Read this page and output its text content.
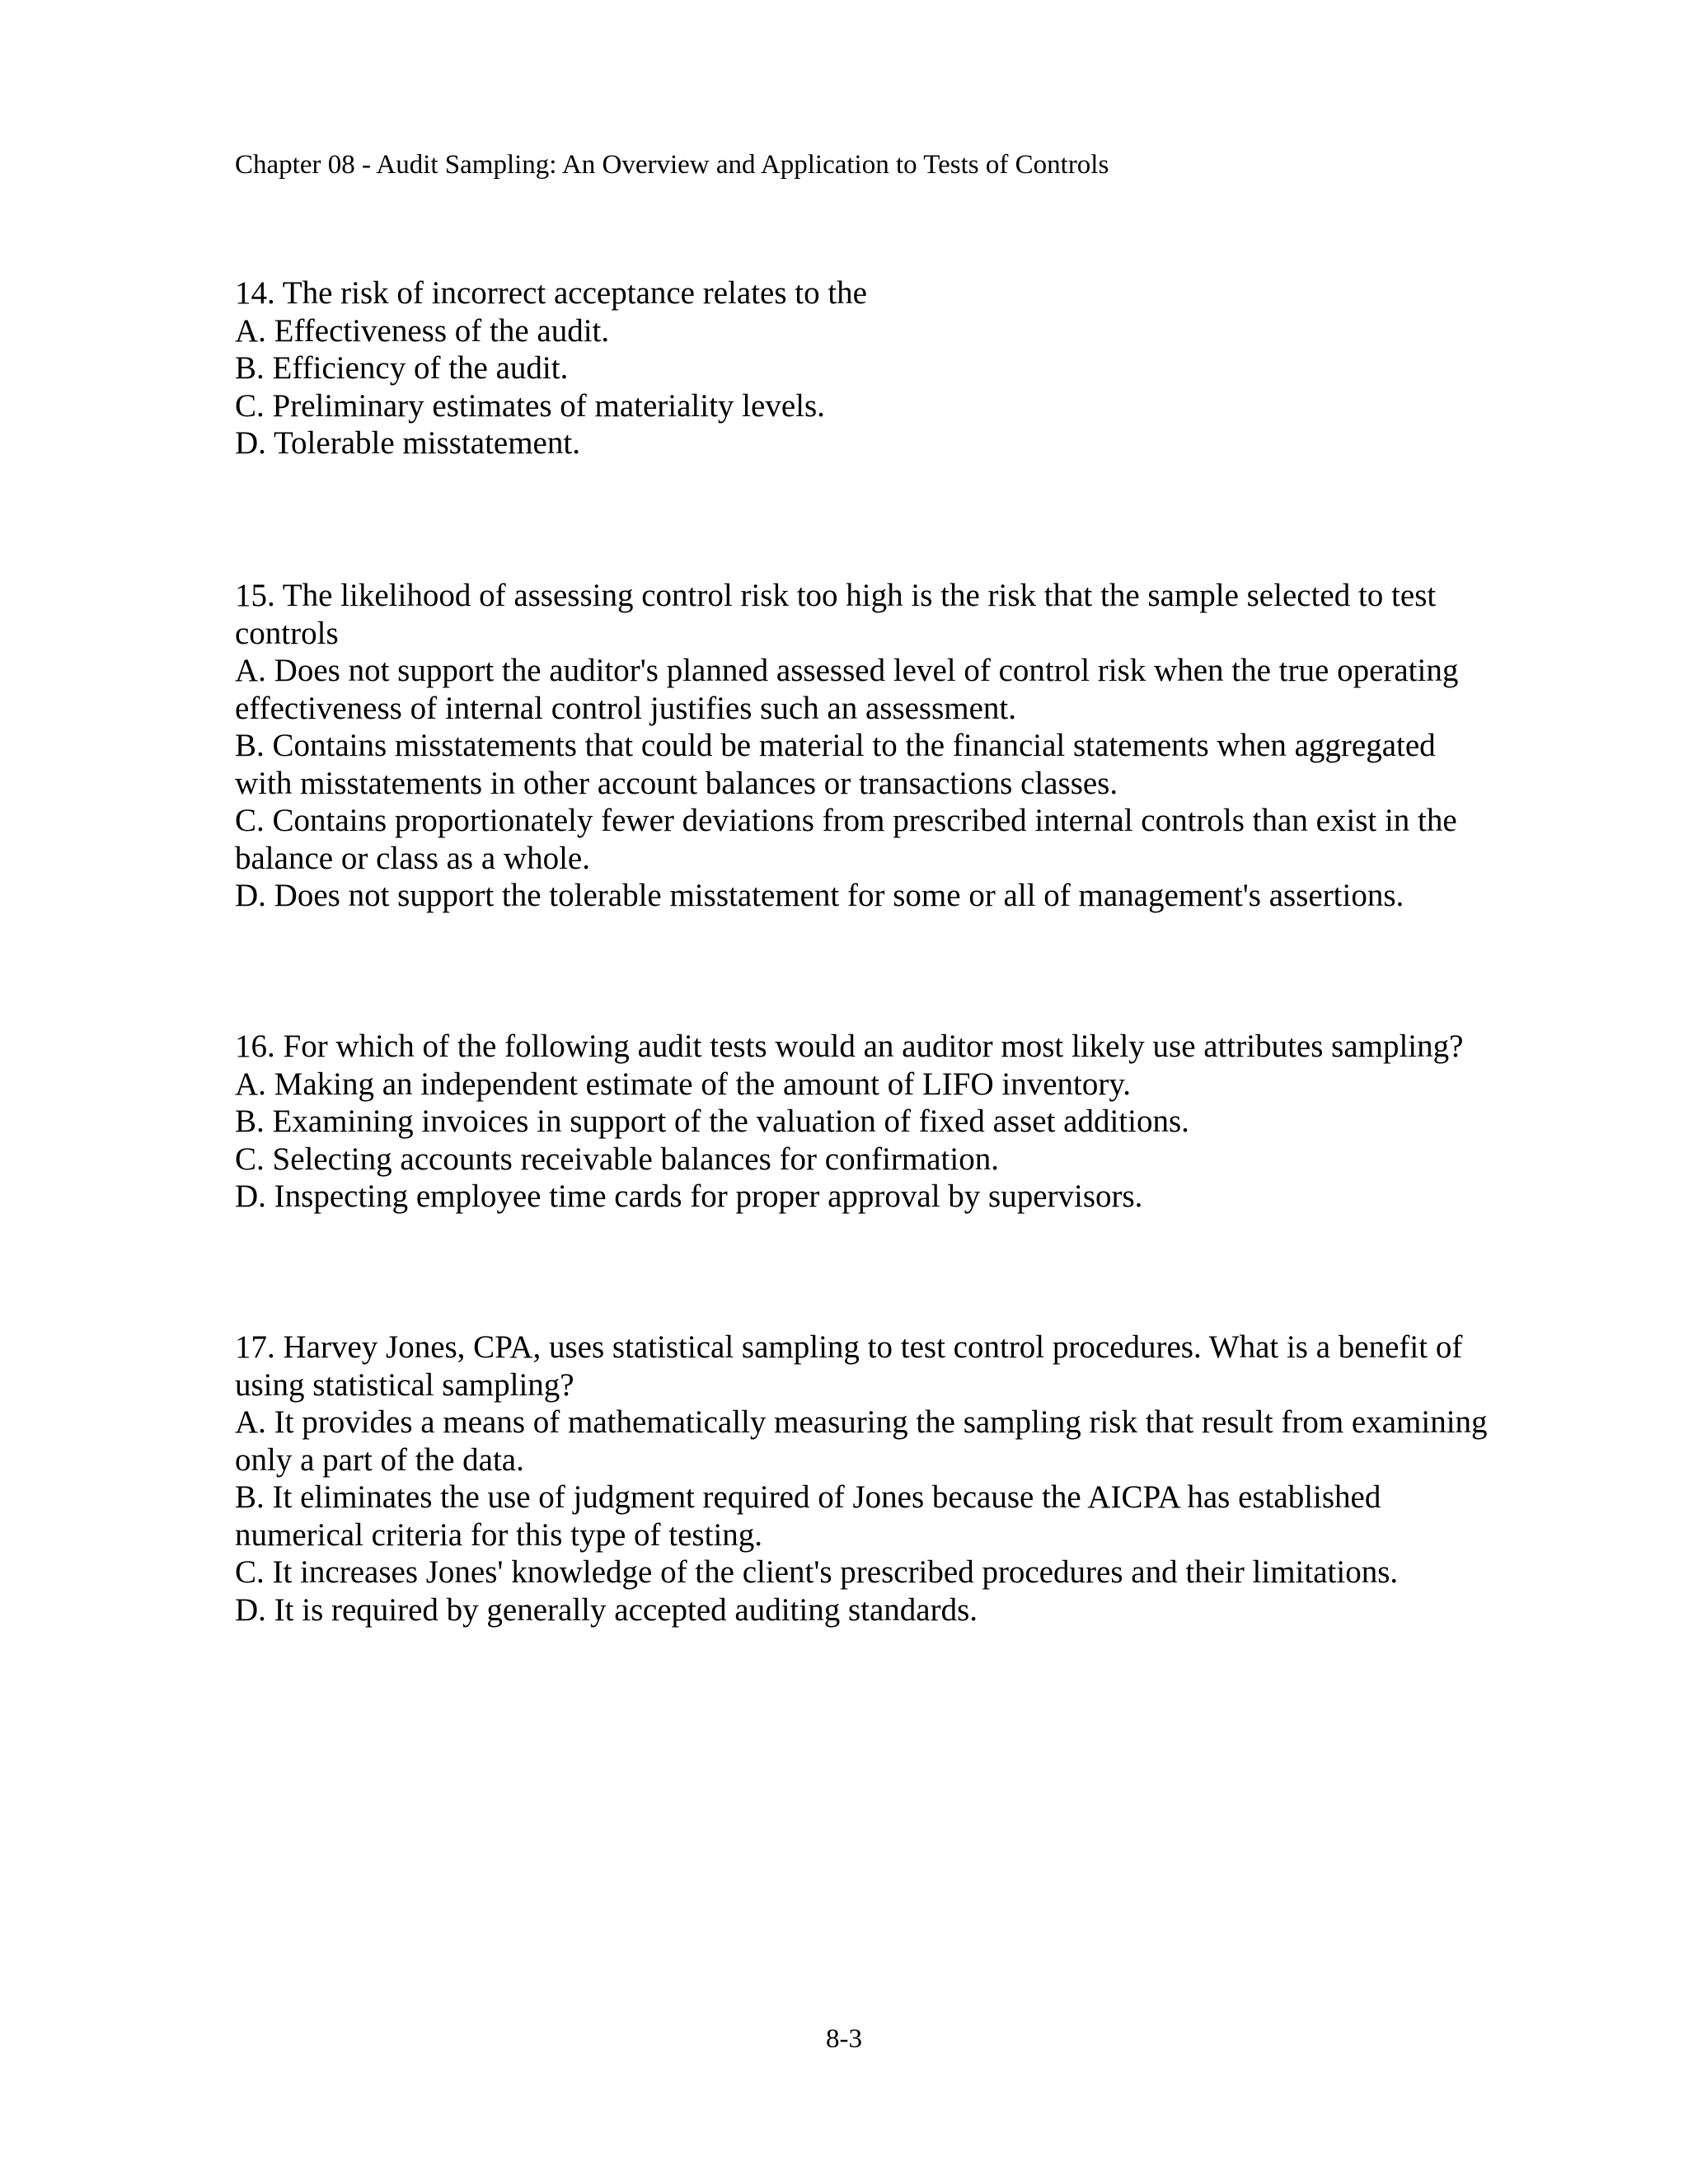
Chapter 08 - Audit Sampling: An Overview and Application to Tests of Controls
14. The risk of incorrect acceptance relates to the
A. Effectiveness of the audit.
B. Efficiency of the audit.
C. Preliminary estimates of materiality levels.
D. Tolerable misstatement.
15. The likelihood of assessing control risk too high is the risk that the sample selected to test controls
A. Does not support the auditor's planned assessed level of control risk when the true operating effectiveness of internal control justifies such an assessment.
B. Contains misstatements that could be material to the financial statements when aggregated with misstatements in other account balances or transactions classes.
C. Contains proportionately fewer deviations from prescribed internal controls than exist in the balance or class as a whole.
D. Does not support the tolerable misstatement for some or all of management's assertions.
16. For which of the following audit tests would an auditor most likely use attributes sampling?
A. Making an independent estimate of the amount of LIFO inventory.
B. Examining invoices in support of the valuation of fixed asset additions.
C. Selecting accounts receivable balances for confirmation.
D. Inspecting employee time cards for proper approval by supervisors.
17. Harvey Jones, CPA, uses statistical sampling to test control procedures. What is a benefit of using statistical sampling?
A. It provides a means of mathematically measuring the sampling risk that result from examining only a part of the data.
B. It eliminates the use of judgment required of Jones because the AICPA has established numerical criteria for this type of testing.
C. It increases Jones' knowledge of the client's prescribed procedures and their limitations.
D. It is required by generally accepted auditing standards.
8-3
